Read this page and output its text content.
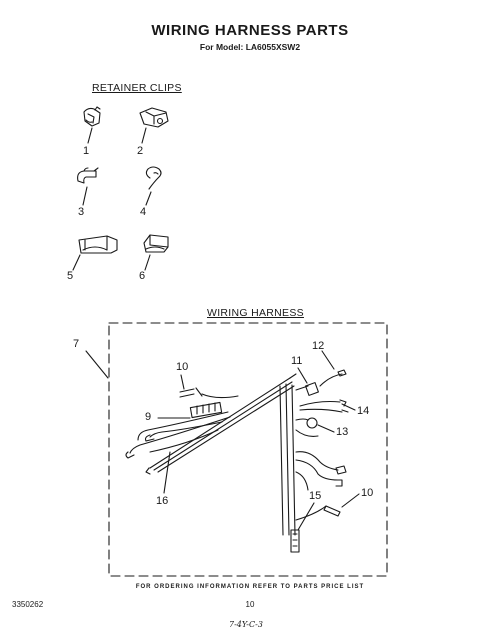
WIRING HARNESS PARTS
For Model: LA6055XSW2
RETAINER CLIPS
WIRING HARNESS
1	2
3	4
5	6
7
9
10	11
12
13
14
10
15
16
FOR ORDERING INFORMATION REFER TO PARTS PRICE LIST
3350262	10
7-4Y-C-3
